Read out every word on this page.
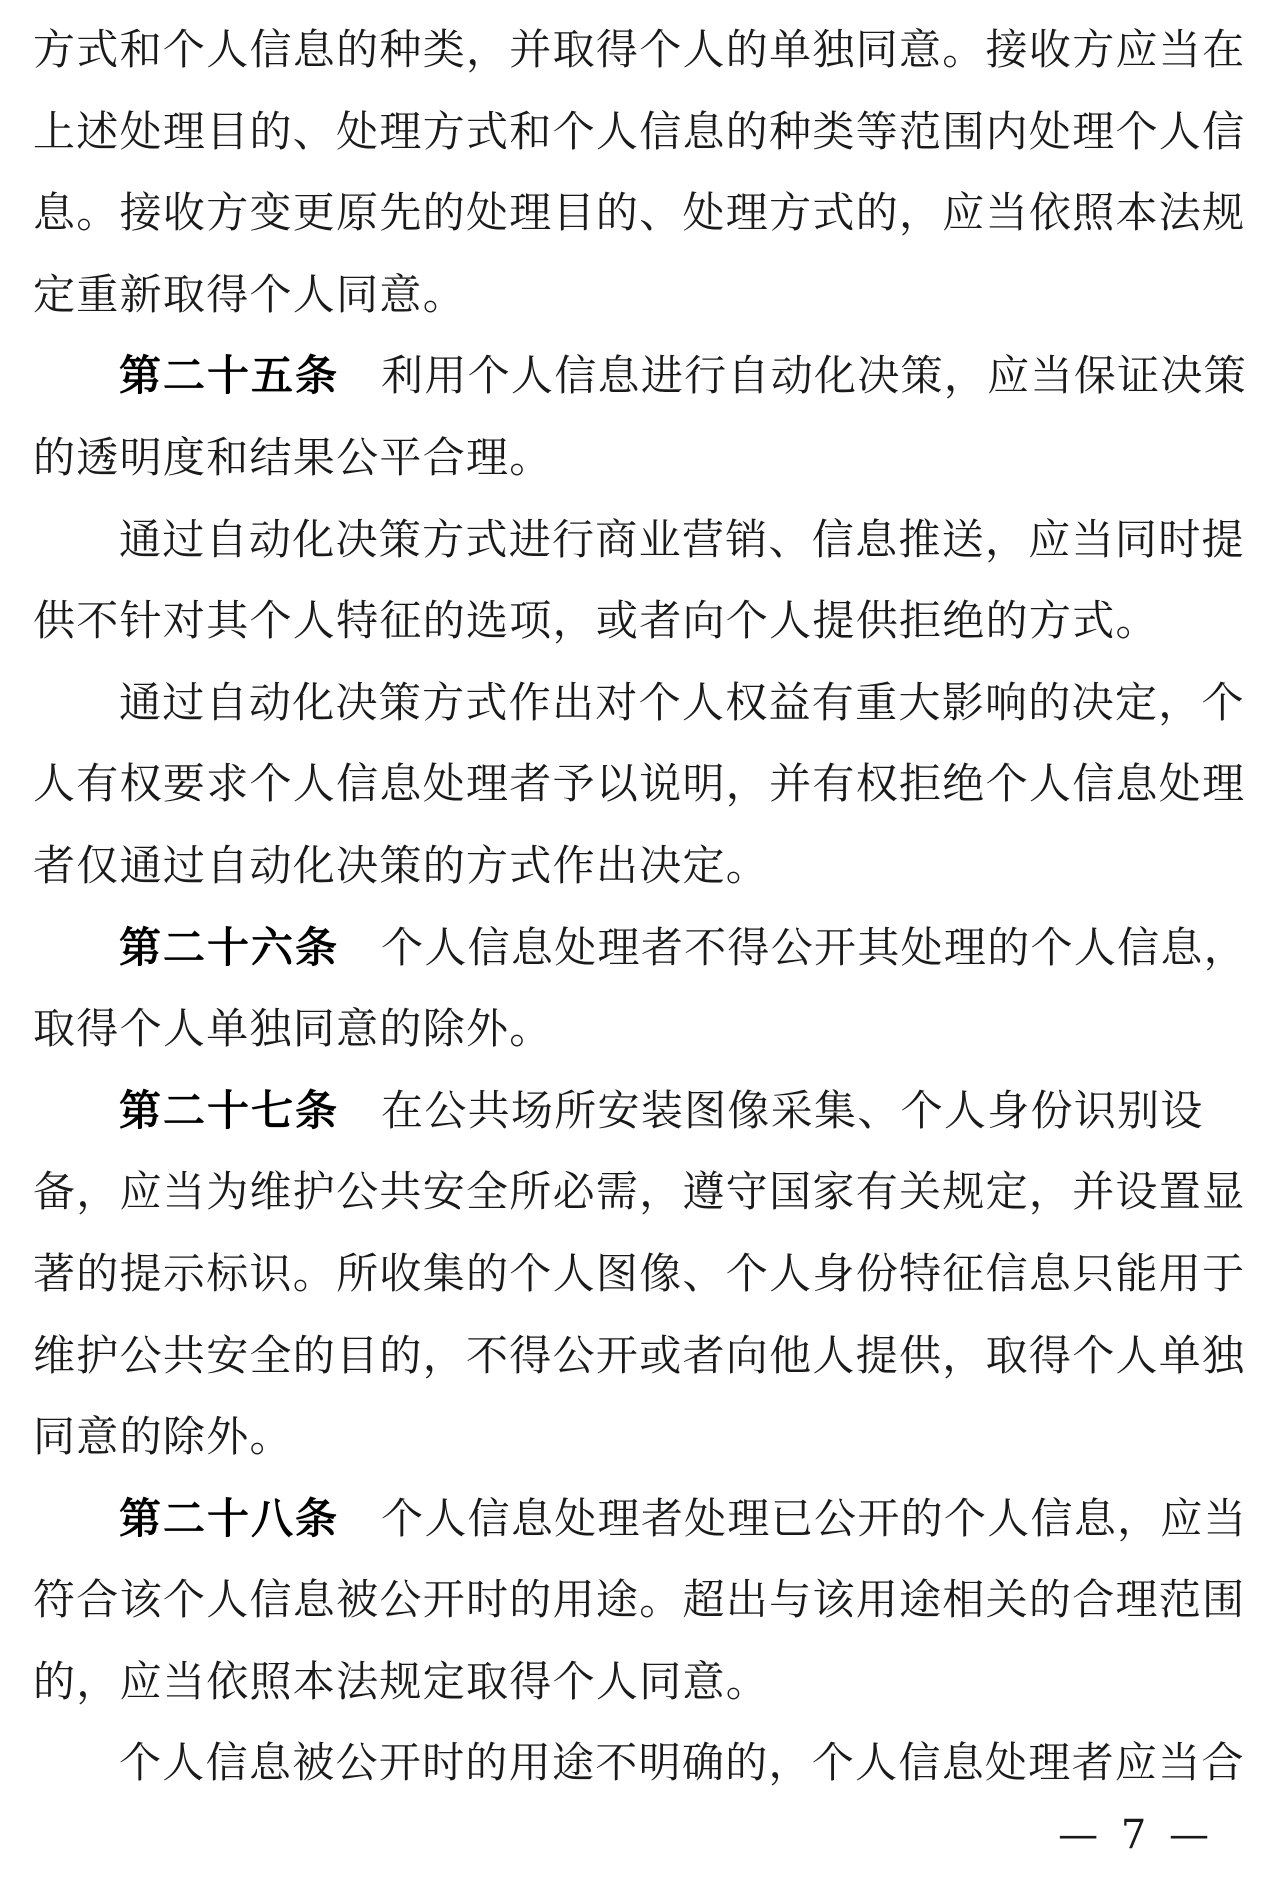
方式和个人信息的种类，并取得个人的单独同意。接收方应当在
上述处理目的、处理方式和个人信息的种类等范围内处理个人信
息。接收方变更原先的处理目的、处理方式的，应当依照本法规
定重新取得个人同意。
第二十五条 利用个人信息进行自动化决策，应当保证决策
的透明度和结果公平合理。
通过自动化决策方式进行商业营销、信息推送，应当同时提
供不针对其个人特征的选项，或者向个人提供拒绝的方式。
通过自动化决策方式作出对个人权益有重大影响的决定，个
人有权要求个人信息处理者予以说明，并有权拒绝个人信息处理
者仅通过自动化决策的方式作出决定。
第二十六条 个人信息处理者不得公开其处理的个人信息，
取得个人单独同意的除外。
第二十七条 在公共场所安装图像采集、个人身份识别设
备，应当为维护公共安全所必需，遵守国家有关规定，并设置显
著的提示标识。所收集的个人图像、个人身份特征信息只能用于
维护公共安全的目的，不得公开或者向他人提供，取得个人单独
同意的除外。
第二十八条 个人信息处理者处理已公开的个人信息，应当
符合该个人信息被公开时的用途。超出与该用途相关的合理范围
的，应当依照本法规定取得个人同意。
个人信息被公开时的用途不明确的，个人信息处理者应当合
— 7 —
